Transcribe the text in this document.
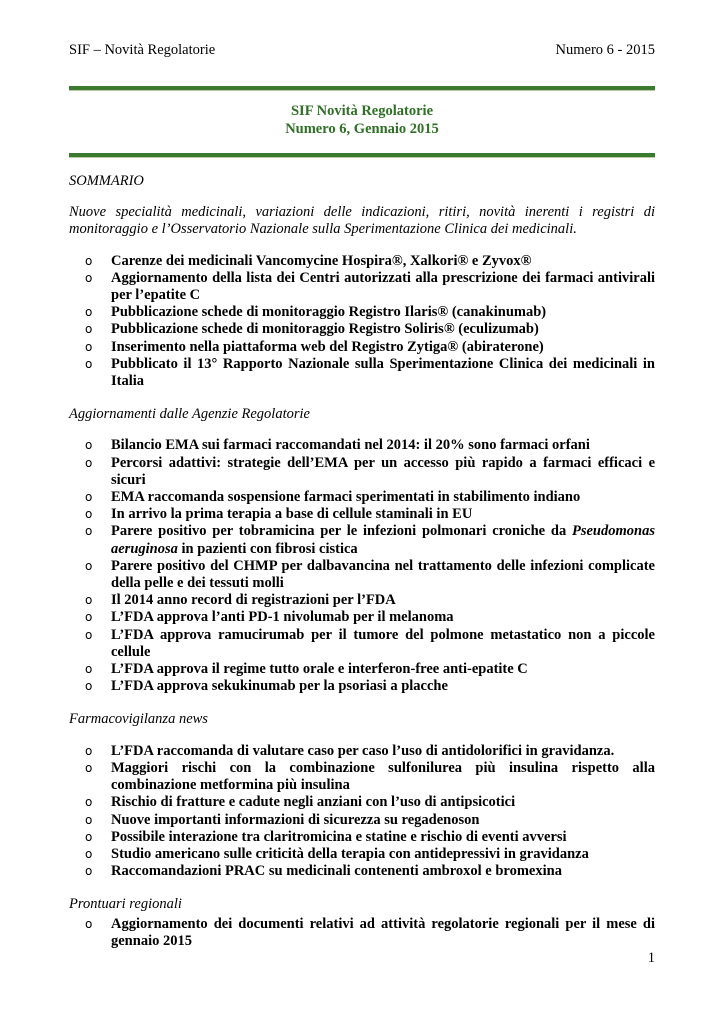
SIF – Novità Regolatorie	Numero 6 - 2015
SIF Novità Regolatorie
Numero 6, Gennaio 2015

SOMMARIO

Nuove specialità medicinali, variazioni delle indicazioni, ritiri, novità inerenti i registri di monitoraggio e l’Osservatorio Nazionale sulla Sperimentazione Clinica dei medicinali.

o Carenze dei medicinali Vancomycine Hospira®, Xalkori® e Zyvox®
o Aggiornamento della lista dei Centri autorizzati alla prescrizione dei farmaci antivirali per l’epatite C
o Pubblicazione schede di monitoraggio Registro Ilaris® (canakinumab)
o Pubblicazione schede di monitoraggio Registro Soliris® (eculizumab)
o Inserimento nella piattaforma web del Registro Zytiga® (abiraterone)
o Pubblicato il 13° Rapporto Nazionale sulla Sperimentazione Clinica dei medicinali in Italia

Aggiornamenti dalle Agenzie Regolatorie

o Bilancio EMA sui farmaci raccomandati nel 2014: il 20% sono farmaci orfani
o Percorsi adattivi: strategie dell’EMA per un accesso più rapido a farmaci efficaci e sicuri
o EMA raccomanda sospensione farmaci sperimentati in stabilimento indiano
o In arrivo la prima terapia a base di cellule staminali in EU
o Parere positivo per tobramicina per le infezioni polmonari croniche da Pseudomonas aeruginosa in pazienti con fibrosi cistica
o Parere positivo del CHMP per dalbavancina nel trattamento delle infezioni complicate della pelle e dei tessuti molli
o Il 2014 anno record di registrazioni per l’FDA
o L’FDA approva l’anti PD-1 nivolumab per il melanoma
o L’FDA approva ramucirumab per il tumore del polmone metastatico non a piccole cellule
o L’FDA approva il regime tutto orale e interferon-free anti-epatite C
o L’FDA approva sekukinumab per la psoriasi a placche

Farmacovigilanza news

o L’FDA raccomanda di valutare caso per caso l’uso di antidolorifici in gravidanza.
o Maggiori rischi con la combinazione sulfonilurea più insulina rispetto alla combinazione metformina più insulina
o Rischio di fratture e cadute negli anziani con l’uso di antipsicotici
o Nuove importanti informazioni di sicurezza su regadenoson
o Possibile interazione tra claritromicina e statine e rischio di eventi avversi
o Studio americano sulle criticità della terapia con antidepressivi in gravidanza
o Raccomandazioni PRAC su medicinali contenenti ambroxol e bromexina

Prontuari regionali

o Aggiornamento dei documenti relativi ad attività regolatorie regionali per il mese di gennaio 2015
1
